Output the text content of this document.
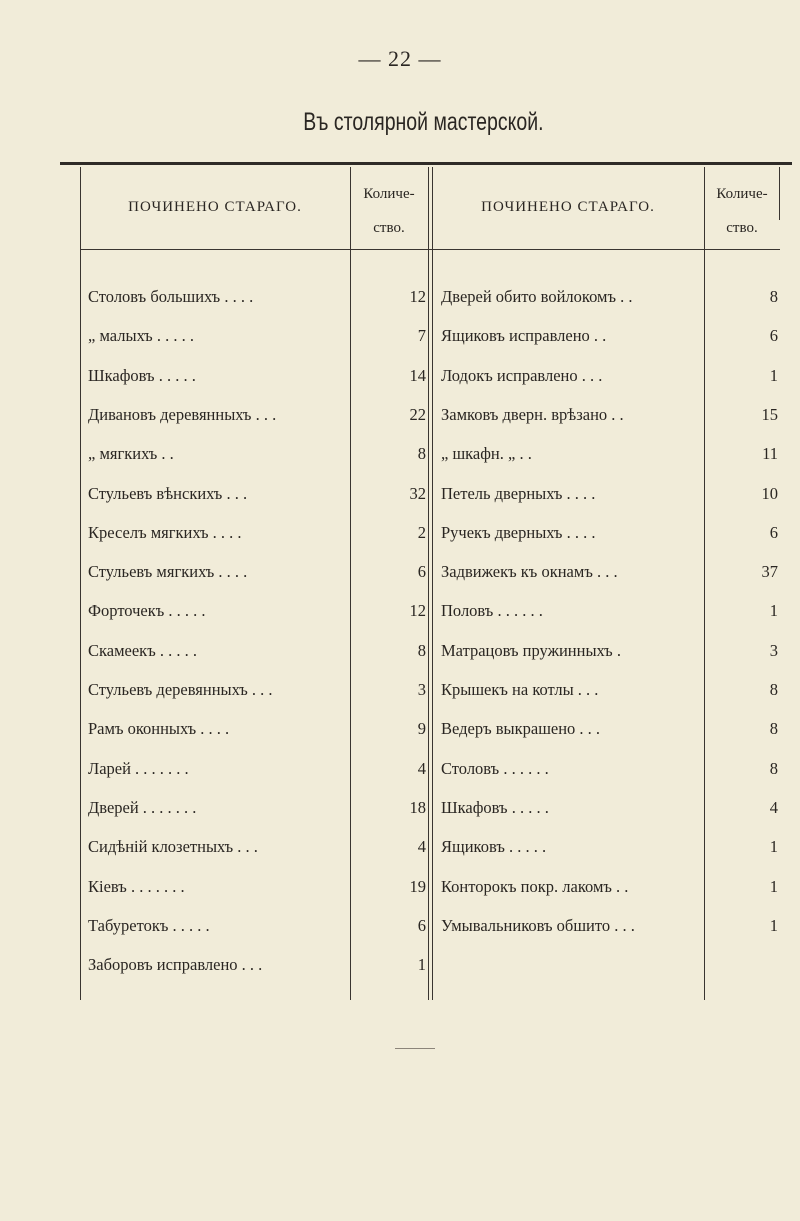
— 22 —
Въ столярной мастерской.
ПОЧИНЕНО СТАРАГО.
Количе-
ство.
ПОЧИНЕНО СТАРАГО.
Количе-
ство.
Столовъ большихъ . . . .	12
„ малыхъ . . . . .	7
Шкафовъ . . . . .	14
Дивановъ деревянныхъ . . .	22
„ мягкихъ . .	8
Стульевъ вѣнскихъ . . .	32
Креселъ мягкихъ . . . .	2
Стульевъ мягкихъ . . . .	6
Форточекъ . . . . .	12
Скамеекъ . . . . .	8
Стульевъ деревянныхъ . . .	3
Рамъ оконныхъ . . . .	9
Ларей . . . . . . .	4
Дверей . . . . . . .	18
Сидѣній клозетныхъ . . .	4
Кiевъ . . . . . . .	19
Табуретокъ . . . . .	6
Заборовъ исправлено . . .	1
Дверей обито войлокомъ . .	8
Ящиковъ исправлено . .	6
Лодокъ исправлено . . .	1
Замковъ дверн. врѣзано . .	15
„ шкафн. „ . .	11
Петель дверныхъ . . . .	10
Ручекъ дверныхъ . . . .	6
Задвижекъ къ окнамъ . . .	37
Половъ . . . . . .	1
Матрацовъ пружинныхъ .	3
Крышекъ на котлы . . .	8
Ведеръ выкрашено . . .	8
Столовъ . . . . . .	8
Шкафовъ . . . . .	4
Ящиковъ . . . . .	1
Конторокъ покр. лакомъ . .	1
Умывальниковъ обшито . . .	1
